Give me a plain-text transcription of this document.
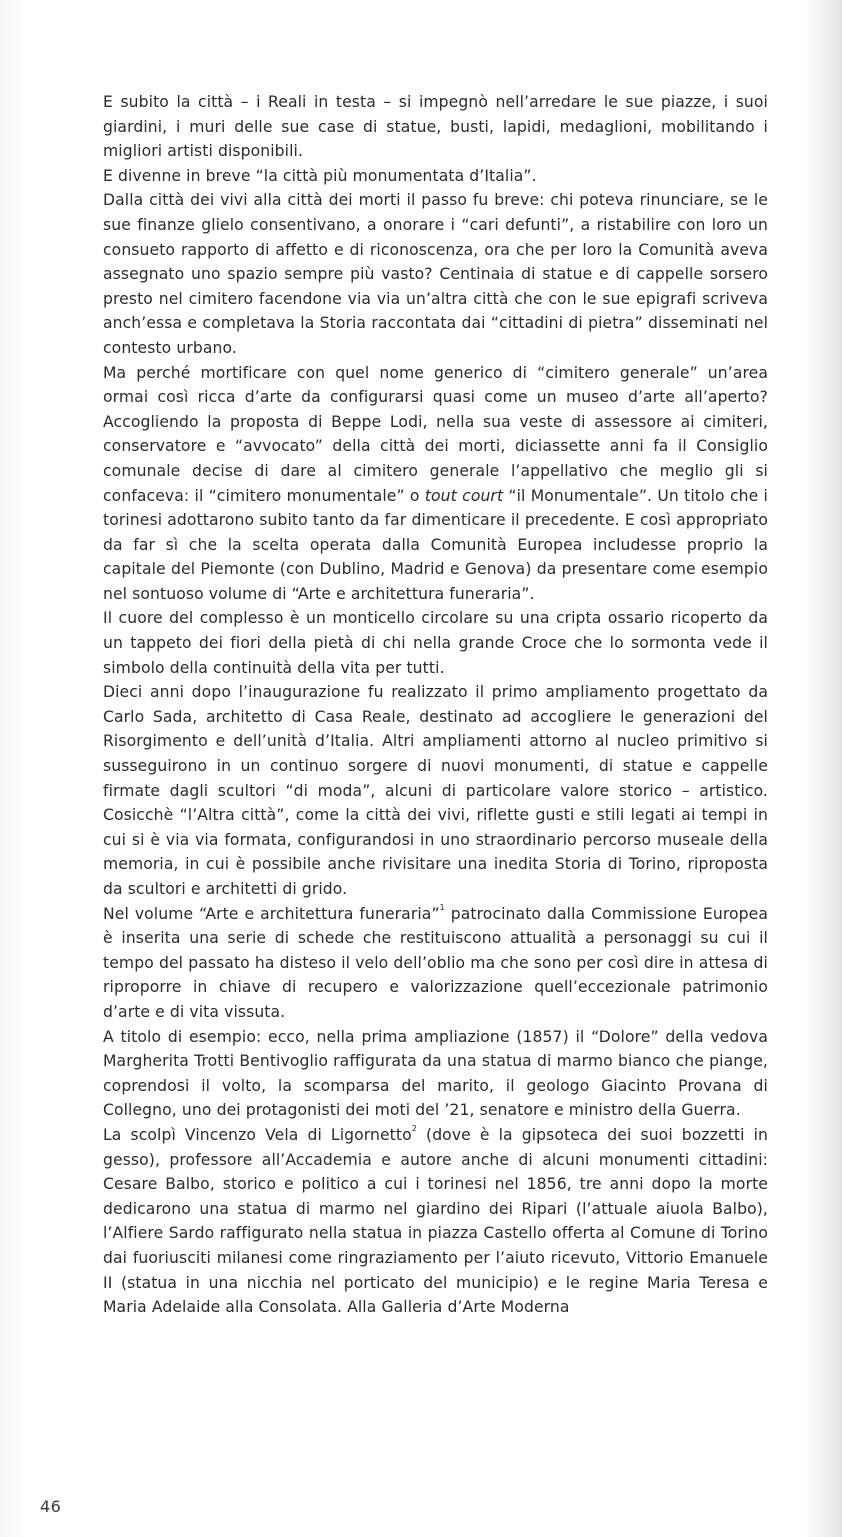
E subito la città – i Reali in testa – si impegnò nell’arredare le sue piazze, i suoi giardini, i muri delle sue case di statue, busti, lapidi, medaglioni, mobilitando i migliori artisti disponibili.

E divenne in breve “la città più monumentata d’Italia”.

Dalla città dei vivi alla città dei morti il passo fu breve: chi poteva rinunciare, se le sue finanze glielo consentivano, a onorare i “cari defunti”, a ristabilire con loro un consueto rapporto di affetto e di riconoscenza, ora che per loro la Comunità aveva assegnato uno spazio sempre più vasto? Centinaia di statue e di cappelle sorsero presto nel cimitero facendone via via un’altra città che con le sue epigrafi scriveva anch’essa e completava la Storia raccontata dai “cittadini di pietra” disseminati nel contesto urbano.

Ma perché mortificare con quel nome generico di “cimitero generale” un’area ormai così ricca d’arte da configurarsi quasi come un museo d’arte all’aperto? Accogliendo la proposta di Beppe Lodi, nella sua veste di assessore ai cimiteri, conservatore e “avvocato” della città dei morti, diciassette anni fa il Consiglio comunale decise di dare al cimitero generale l’appellativo che meglio gli si confaceva: il “cimitero monumentale” o tout court “il Monumentale”. Un titolo che i torinesi adottarono subito tanto da far dimenticare il precedente. E così appropriato da far sì che la scelta operata dalla Comunità Europea includesse proprio la capitale del Piemonte (con Dublino, Madrid e Genova) da presentare come esempio nel sontuoso volume di “Arte e architettura funeraria”.

Il cuore del complesso è un monticello circolare su una cripta ossario ricoperto da un tappeto dei fiori della pietà di chi nella grande Croce che lo sormonta vede il simbolo della continuità della vita per tutti.

Dieci anni dopo l’inaugurazione fu realizzato il primo ampliamento progettato da Carlo Sada, architetto di Casa Reale, destinato ad accogliere le generazioni del Risorgimento e dell’unità d’Italia. Altri ampliamenti attorno al nucleo primitivo si susseguirono in un continuo sorgere di nuovi monumenti, di statue e cappelle firmate dagli scultori “di moda”, alcuni di particolare valore storico – artistico. Cosicchè “l’Altra città”, come la città dei vivi, riflette gusti e stili legati ai tempi in cui si è via via formata, configurandosi in uno straordinario percorso museale della memoria, in cui è possibile anche rivisitare una inedita Storia di Torino, riproposta da scultori e architetti di grido.

Nel volume “Arte e architettura funeraria”$^1$ patrocinato dalla Commissione Europea è inserita una serie di schede che restituiscono attualità a personaggi su cui il tempo del passato ha disteso il velo dell’oblio ma che sono per così dire in attesa di riproporre in chiave di recupero e valorizzazione quell’eccezionale patrimonio d’arte e di vita vissuta.

A titolo di esempio: ecco, nella prima ampliazione (1857) il “Dolore” della vedova Margherita Trotti Bentivoglio raffigurata da una statua di marmo bianco che piange, coprendosi il volto, la scomparsa del marito, il geologo Giacinto Provana di Collegno, uno dei protagonisti dei moti del ’21, senatore e ministro della Guerra.

La scolpì Vincenzo Vela di Ligornetto$^2$ (dove è la gipsoteca dei suoi bozzetti in gesso), professore all’Accademia e autore anche di alcuni monumenti cittadini: Cesare Balbo, storico e politico a cui i torinesi nel 1856, tre anni dopo la morte dedicarono una statua di marmo nel giardino dei Ripari (l’attuale aiuola Balbo), l’Alfiere Sardo raffigurato nella statua in piazza Castello offerta al Comune di Torino dai fuoriusciti milanesi come ringraziamento per l’aiuto ricevuto, Vittorio Emanuele II (statua in una nicchia nel porticato del municipio) e le regine Maria Teresa e Maria Adelaide alla Consolata. Alla Galleria d’Arte Moderna

46
